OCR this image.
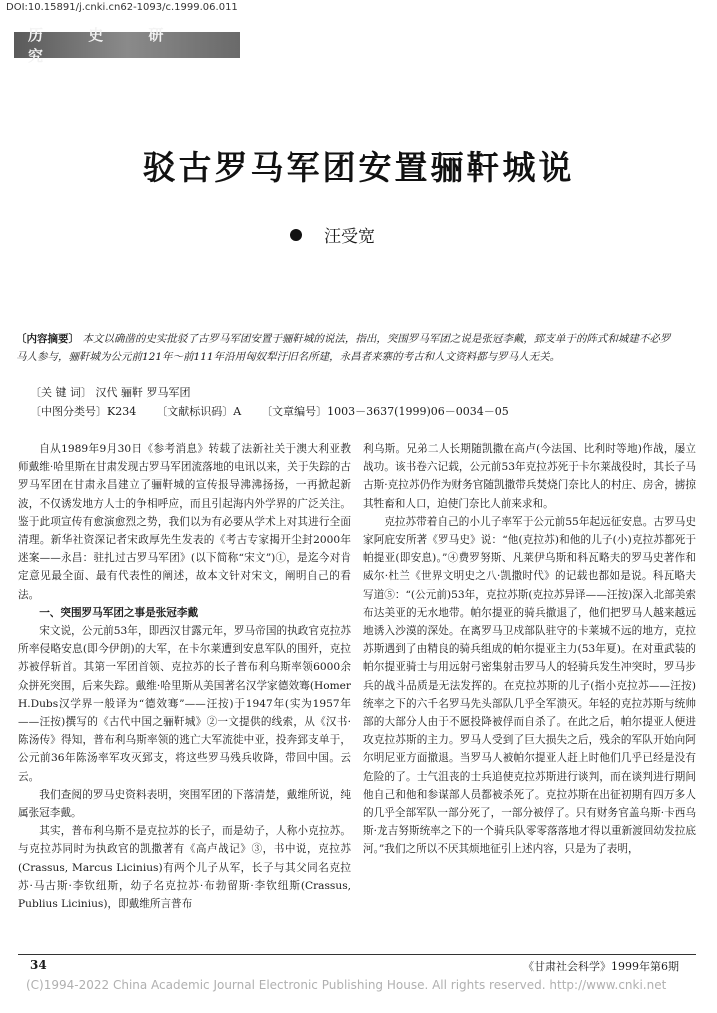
DOI:10.15891/j.cnki.cn62-1093/c.1999.06.011
历 史 研 究
驳古罗马军团安置骊靬城说
汪受宽
〔内容摘要〕 本文以确凿的史实批驳了古罗马军团安置于骊靬城的说法，指出，突围罗马军团之说是张冠李戴，郅支单于的阵式和城建不必罗马人参与，骊靬城为公元前121年～前111年沿用匈奴犁汙旧名所建，永昌者来寨的考古和人文资料都与罗马人无关。
〔关 键 词〕 汉代 骊靬 罗马军团
〔中图分类号〕K234 〔文献标识码〕A 〔文章编号〕1003－3637(1999)06－0034－05

自从1989年9月30日《参考消息》转载了法新社关于澳大利亚教师戴维·哈里斯在甘肃发现古罗马军团流落地的电讯以来，关于失踪的古罗马军团在甘肃永昌建立了骊靬城的宣传报导沸沸扬扬，一再掀起新波，不仅诱发地方人士的争相呼应，而且引起海内外学界的广泛关注。鉴于此项宣传有愈演愈烈之势，我们以为有必要从学术上对其进行全面清理。新华社资深记者宋政厚先生发表的《考古专家揭开尘封2000年迷案——永昌：驻扎过古罗马军团》(以下简称“宋文”)①，是迄今对肯定意见最全面、最有代表性的阐述，故本文针对宋文，阐明自己的看法。

一、突围罗马军团之事是张冠李戴

宋文说，公元前53年，即西汉甘露元年，罗马帝国的执政官克拉苏所率侵略安息(即今伊朗)的大军，在卡尔莱遭到安息军队的围歼，克拉苏被俘斩首。其第一军团首领、克拉苏的长子普布利乌斯率领6000余众拼死突围，后来失踪。戴维·哈里斯从美国著名汉学家德效骞(Homer H.Dubs汉学界一般译为“德效骞”——汪按)于1947年(实为1957年——汪按)撰写的《古代中国之骊靬城》②一文提供的线索，从《汉书·陈汤传》得知，普布利乌斯率领的逃亡大军流徙中亚，投奔郅支单于，公元前36年陈汤率军攻灭郅支，将这些罗马残兵收降，带回中国。云云。

我们查阅的罗马史资料表明，突围军团的下落清楚，戴维所说，纯属张冠李戴。

其实，普布利乌斯不是克拉苏的长子，而是幼子，人称小克拉苏。与克拉苏同时为执政官的凯撒著有《高卢战记》③，书中说，克拉苏(Crassus, Marcus Licinius)有两个儿子从军，长子与其父同名克拉苏·马古斯·李钦纽斯，幼子名克拉苏·布勃留斯·李钦纽斯(Crassus, Publius Licinius)，即戴维所言普布

利乌斯。兄弟二人长期随凯撒在高卢(今法国、比利时等地)作战，屡立战功。该书卷六记载，公元前53年克拉苏死于卡尔莱战役时，其长子马古斯·克拉苏仍作为财务官随凯撒带兵焚烧门奈比人的村庄、房舍，掳掠其牲畜和人口，迫使门奈比人前来求和。

克拉苏带着自己的小儿子率军于公元前55年起远征安息。古罗马史家阿庇安所著《罗马史》说：“他(克拉苏)和他的儿子(小)克拉苏都死于帕提亚(即安息)。”④费罗努斯、凡莱伊乌斯和科瓦略夫的罗马史著作和威尔·杜兰《世界文明史之八·凯撒时代》的记载也都如是说。科瓦略夫写道⑤：“(公元前)53年，克拉苏斯(克拉苏异译——汪按)深入北部美索布达美亚的无水地带。帕尔提亚的骑兵撤退了，他们把罗马人越来越远地诱入沙漠的深处。在离罗马卫戍部队驻守的卡莱城不远的地方，克拉苏斯遇到了由精良的骑兵组成的帕尔提亚主力(53年夏)。在对重武装的帕尔提亚骑士与用远射弓密集射击罗马人的轻骑兵发生冲突时，罗马步兵的战斗品质是无法发挥的。在克拉苏斯的儿子(指小克拉苏——汪按)统率之下的六千名罗马先头部队几乎全军溃灭。年轻的克拉苏斯与统帅部的大部分人由于不愿投降被俘而自杀了。在此之后，帕尔提亚人便进攻克拉苏斯的主力。罗马人受到了巨大损失之后，残余的军队开始向阿尔明尼亚方面撤退。当罗马人被帕尔提亚人赶上时他们几乎已经是没有危险的了。士气沮丧的士兵追使克拉苏斯进行谈判，而在谈判进行期间他自己和他和参谋部人员都被杀死了。克拉苏斯在出征初期有四万多人的几乎全部军队一部分死了，一部分被俘了。只有财务官盖乌斯·卡西乌斯·龙吉努斯统率之下的一个骑兵队零零落落地才得以重新渡回幼发拉底河。”我们之所以不厌其烦地征引上述内容，只是为了表明，

34	《甘肃社会科学》1999年第6期
(C)1994-2022 China Academic Journal Electronic Publishing House. All rights reserved. http://www.cnki.net
